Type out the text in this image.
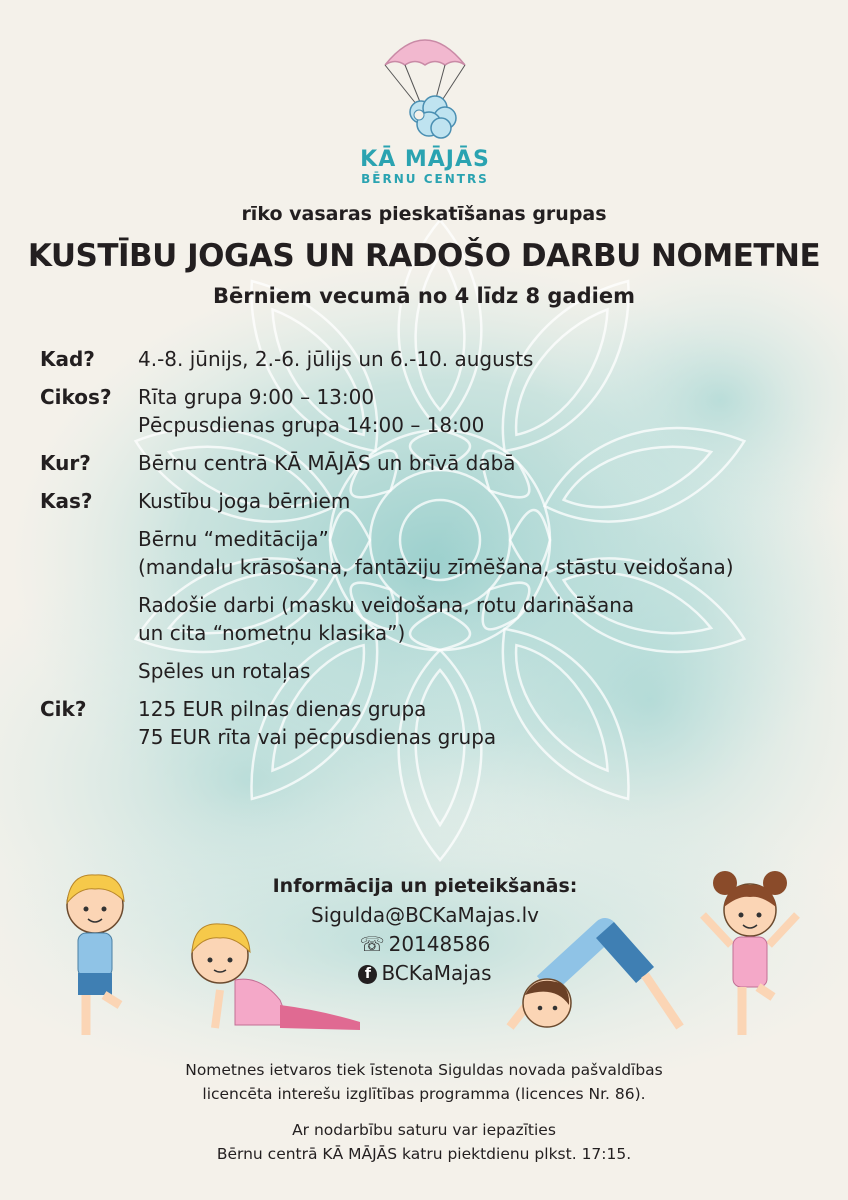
KĀ MĀJĀS
BĒRNU CENTRS
rīko vasaras pieskatīšanas grupas
KUSTĪBU JOGAS UN RADOŠO DARBU NOMETNE
Bērniem vecumā no 4 līdz 8 gadiem
Kad?	4.-8. jūnijs, 2.-6. jūlijs un 6.-10. augusts
Cikos?	Rīta grupa 9:00 – 13:00
Pēcpusdienas grupa 14:00 – 18:00
Kur?	Bērnu centrā KĀ MĀJĀS un brīvā dabā
Kas?	Kustību joga bērniem
Bērnu “meditācija”
(mandalu krāsošana, fantāziju zīmēšana, stāstu veidošana)
Radošie darbi (masku veidošana, rotu darināšana
un cita “nometņu klasika”)
Spēles un rotaļas
Cik?	125 EUR pilnas dienas grupa
75 EUR rīta vai pēcpusdienas grupa
Informācija un pieteikšanās:
Sigulda@BCKaMajas.lv
☏ 20148586
f BCKaMajas
Nometnes ietvaros tiek īstenota Siguldas novada pašvaldības
licencēta interešu izglītības programma (licences Nr. 86).
Ar nodarbību saturu var iepazīties
Bērnu centrā KĀ MĀJĀS katru piektdienu plkst. 17:15.
